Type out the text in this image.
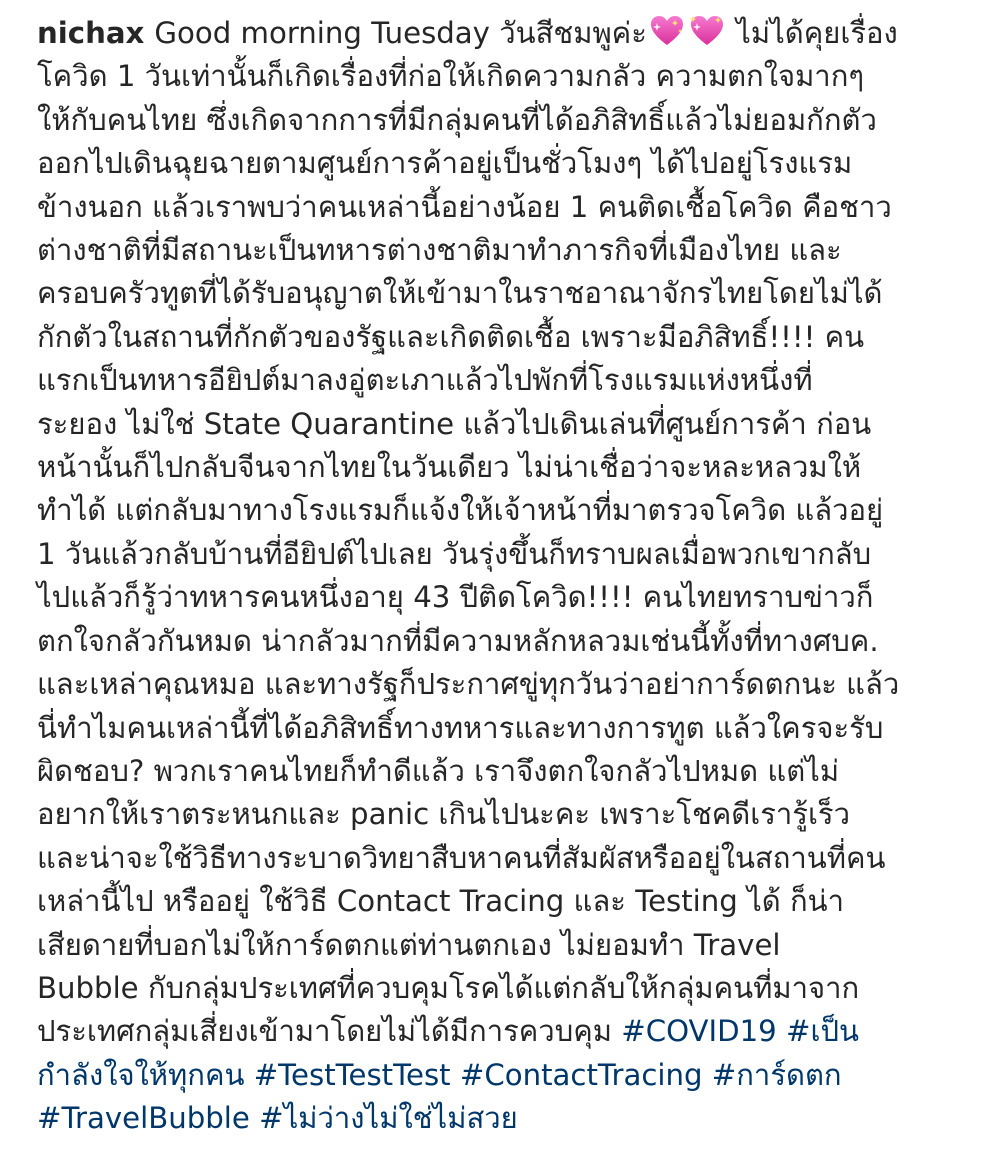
nichax Good morning Tuesday วันสีชมพูค่ะ	ไม่ได้คุยเรื่อง
โควิด 1 วันเท่านั้นก็เกิดเรื่องที่ก่อให้เกิดความกลัว ความตกใจมากๆ
ให้กับคนไทย ซึ่งเกิดจากการที่มีกลุ่มคนที่ได้อภิสิทธิ์แล้วไม่ยอมกักตัว
ออกไปเดินฉุยฉายตามศูนย์การค้าอยู่เป็นชั่วโมงๆ ได้ไปอยู่โรงแรม
ข้างนอก แล้วเราพบว่าคนเหล่านี้อย่างน้อย 1 คนติดเชื้อโควิด คือชาว
ต่างชาติที่มีสถานะเป็นทหารต่างชาติมาทำภารกิจที่เมืองไทย และ
ครอบครัวทูตที่ได้รับอนุญาตให้เข้ามาในราชอาณาจักรไทยโดยไม่ได้
กักตัวในสถานที่กักตัวของรัฐและเกิดติดเชื้อ เพราะมีอภิสิทธิ์!!!! คน
แรกเป็นทหารอียิปต์มาลงอู่ตะเภาแล้วไปพักที่โรงแรมแห่งหนึ่งที่
ระยอง ไม่ใช่ State Quarantine แล้วไปเดินเล่นที่ศูนย์การค้า ก่อน
หน้านั้นก็ไปกลับจีนจากไทยในวันเดียว ไม่น่าเชื่อว่าจะหละหลวมให้
ทำได้ แต่กลับมาทางโรงแรมก็แจ้งให้เจ้าหน้าที่มาตรวจโควิด แล้วอยู่
1 วันแล้วกลับบ้านที่อียิปต์ไปเลย วันรุ่งขึ้นก็ทราบผลเมื่อพวกเขากลับ
ไปแล้วก็รู้ว่าทหารคนหนึ่งอายุ 43 ปีติดโควิด!!!! คนไทยทราบข่าวก็
ตกใจกลัวกันหมด น่ากลัวมากที่มีความหลักหลวมเช่นนี้ทั้งที่ทางศบค.
และเหล่าคุณหมอ และทางรัฐก็ประกาศขู่ทุกวันว่าอย่าการ์ดตกนะ แล้ว
นี่ทำไมคนเหล่านี้ที่ได้อภิสิทธิ์ทางทหารและทางการทูต แล้วใครจะรับ
ผิดชอบ? พวกเราคนไทยก็ทำดีแล้ว เราจึงตกใจกลัวไปหมด แต่ไม่
อยากให้เราตระหนกและ panic เกินไปนะคะ เพราะโชคดีเรารู้เร็ว
และน่าจะใช้วิธีทางระบาดวิทยาสืบหาคนที่สัมผัสหรืออยู่ในสถานที่คน
เหล่านี้ไป หรืออยู่ ใช้วิธี Contact Tracing และ Testing ได้ ก็น่า
เสียดายที่บอกไม่ให้การ์ดตกแต่ท่านตกเอง ไม่ยอมทำ Travel
Bubble กับกลุ่มประเทศที่ควบคุมโรคได้แต่กลับให้กลุ่มคนที่มาจาก
ประเทศกลุ่มเสี่ยงเข้ามาโดยไม่ได้มีการควบคุม #COVID19 #เป็น
กำลังใจให้ทุกคน #TestTestTest #ContactTracing #การ์ดตก
#TravelBubble #ไม่ว่างไม่ใช่ไม่สวย
